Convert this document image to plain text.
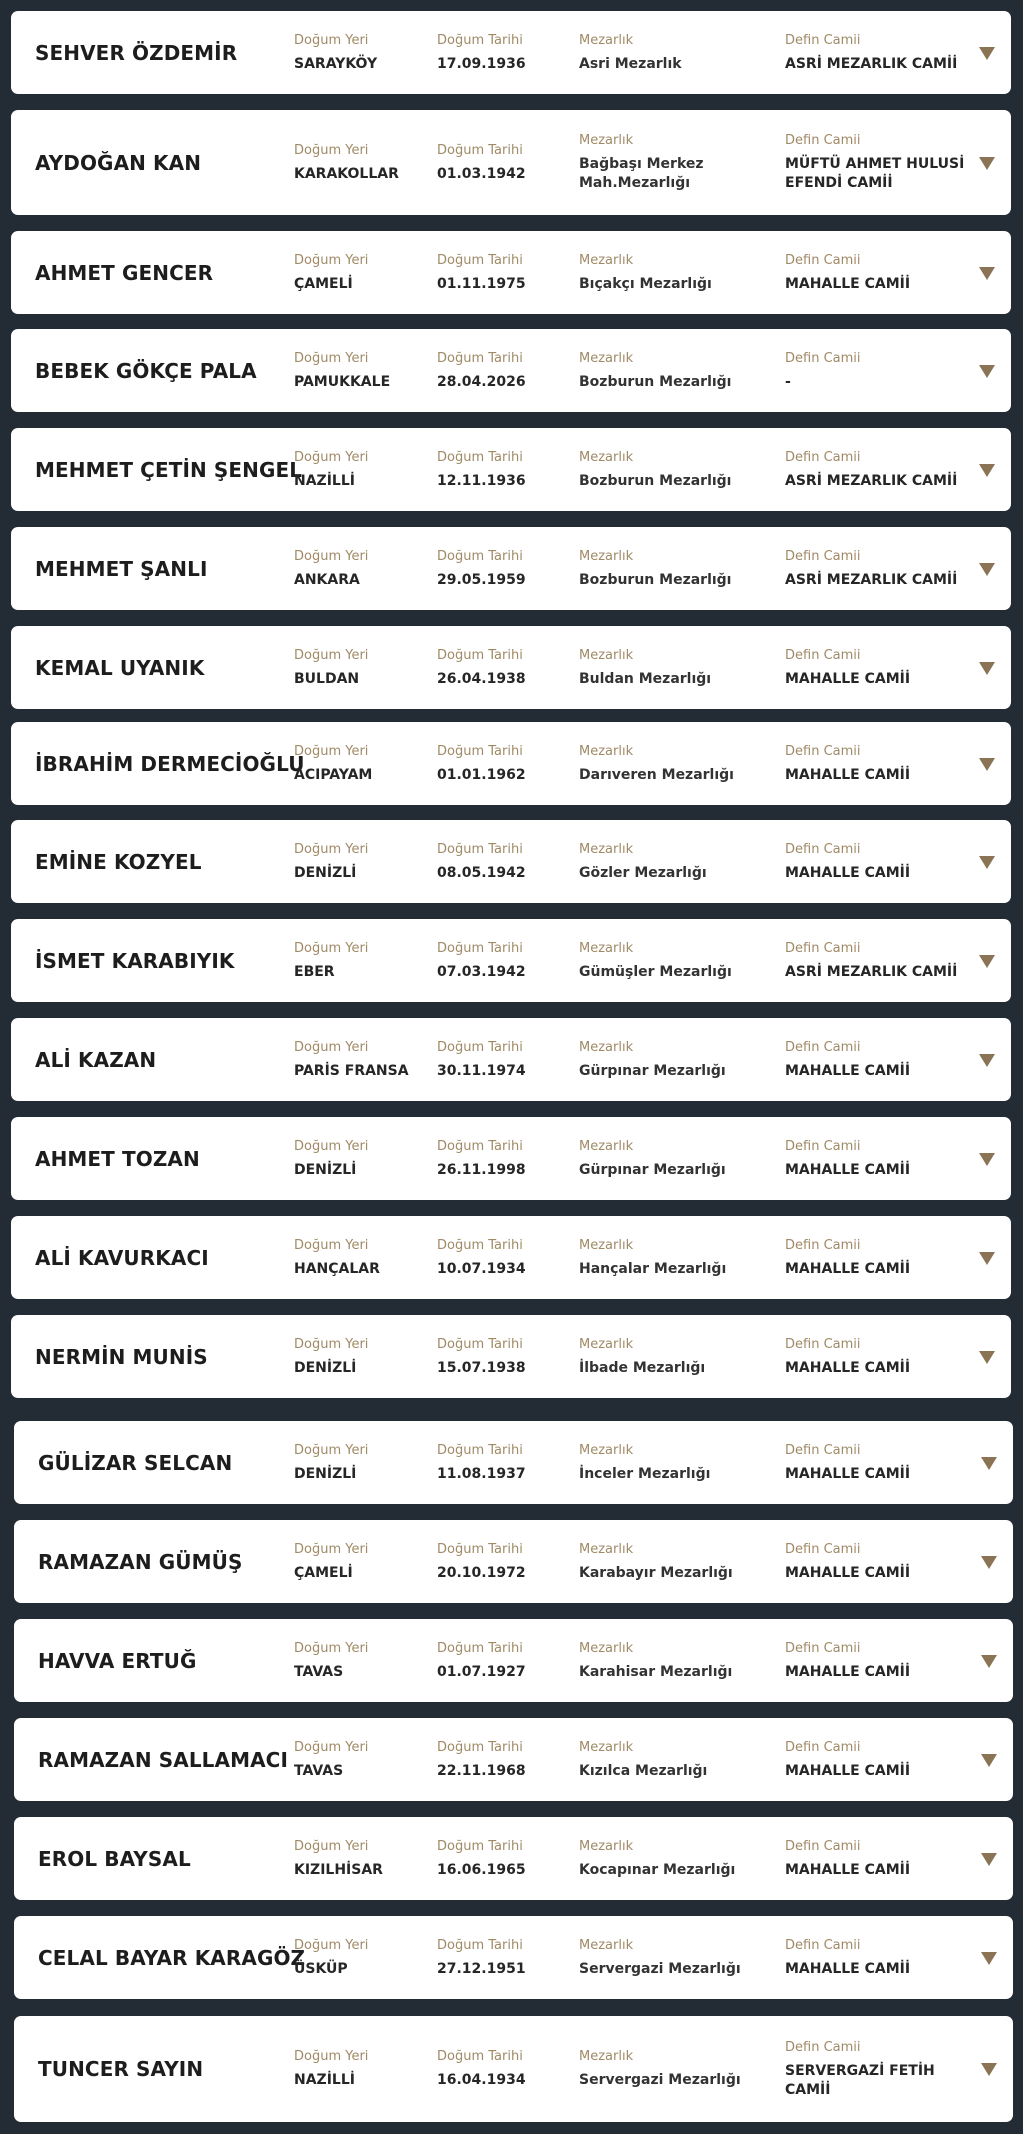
SEHVER ÖZDEMİR
Doğum Yeri
SARAYKÖY
Doğum Tarihi
17.09.1936
Mezarlık
Asri Mezarlık
Defin Camii
ASRİ MEZARLIK CAMİİ
AYDOĞAN KAN
Doğum Yeri
KARAKOLLAR
Doğum Tarihi
01.03.1942
Mezarlık
Bağbaşı Merkez
Mah.Mezarlığı
Defin Camii
MÜFTÜ AHMET HULUSİ
EFENDİ CAMİİ
AHMET GENCER
Doğum Yeri
ÇAMELİ
Doğum Tarihi
01.11.1975
Mezarlık
Bıçakçı Mezarlığı
Defin Camii
MAHALLE CAMİİ
BEBEK GÖKÇE PALA
Doğum Yeri
PAMUKKALE
Doğum Tarihi
28.04.2026
Mezarlık
Bozburun Mezarlığı
Defin Camii
-
MEHMET ÇETİN ŞENGEL
Doğum Yeri
NAZİLLİ
Doğum Tarihi
12.11.1936
Mezarlık
Bozburun Mezarlığı
Defin Camii
ASRİ MEZARLIK CAMİİ
MEHMET ŞANLI
Doğum Yeri
ANKARA
Doğum Tarihi
29.05.1959
Mezarlık
Bozburun Mezarlığı
Defin Camii
ASRİ MEZARLIK CAMİİ
KEMAL UYANIK
Doğum Yeri
BULDAN
Doğum Tarihi
26.04.1938
Mezarlık
Buldan Mezarlığı
Defin Camii
MAHALLE CAMİİ
İBRAHİM DERMECİOĞLU
Doğum Yeri
ACIPAYAM
Doğum Tarihi
01.01.1962
Mezarlık
Darıveren Mezarlığı
Defin Camii
MAHALLE CAMİİ
EMİNE KOZYEL
Doğum Yeri
DENİZLİ
Doğum Tarihi
08.05.1942
Mezarlık
Gözler Mezarlığı
Defin Camii
MAHALLE CAMİİ
İSMET KARABIYIK
Doğum Yeri
EBER
Doğum Tarihi
07.03.1942
Mezarlık
Gümüşler Mezarlığı
Defin Camii
ASRİ MEZARLIK CAMİİ
ALİ KAZAN
Doğum Yeri
PARİS FRANSA
Doğum Tarihi
30.11.1974
Mezarlık
Gürpınar Mezarlığı
Defin Camii
MAHALLE CAMİİ
AHMET TOZAN
Doğum Yeri
DENİZLİ
Doğum Tarihi
26.11.1998
Mezarlık
Gürpınar Mezarlığı
Defin Camii
MAHALLE CAMİİ
ALİ KAVURKACI
Doğum Yeri
HANÇALAR
Doğum Tarihi
10.07.1934
Mezarlık
Hançalar Mezarlığı
Defin Camii
MAHALLE CAMİİ
NERMİN MUNİS
Doğum Yeri
DENİZLİ
Doğum Tarihi
15.07.1938
Mezarlık
İlbade Mezarlığı
Defin Camii
MAHALLE CAMİİ
GÜLİZAR SELCAN
Doğum Yeri
DENİZLİ
Doğum Tarihi
11.08.1937
Mezarlık
İnceler Mezarlığı
Defin Camii
MAHALLE CAMİİ
RAMAZAN GÜMÜŞ
Doğum Yeri
ÇAMELİ
Doğum Tarihi
20.10.1972
Mezarlık
Karabayır Mezarlığı
Defin Camii
MAHALLE CAMİİ
HAVVA ERTUĞ
Doğum Yeri
TAVAS
Doğum Tarihi
01.07.1927
Mezarlık
Karahisar Mezarlığı
Defin Camii
MAHALLE CAMİİ
RAMAZAN SALLAMACI
Doğum Yeri
TAVAS
Doğum Tarihi
22.11.1968
Mezarlık
Kızılca Mezarlığı
Defin Camii
MAHALLE CAMİİ
EROL BAYSAL
Doğum Yeri
KIZILHİSAR
Doğum Tarihi
16.06.1965
Mezarlık
Kocapınar Mezarlığı
Defin Camii
MAHALLE CAMİİ
CELAL BAYAR KARAGÖZ
Doğum Yeri
ÜSKÜP
Doğum Tarihi
27.12.1951
Mezarlık
Servergazi Mezarlığı
Defin Camii
MAHALLE CAMİİ
TUNCER SAYIN
Doğum Yeri
NAZİLLİ
Doğum Tarihi
16.04.1934
Mezarlık
Servergazi Mezarlığı
Defin Camii
SERVERGAZİ FETİH
CAMİİ
